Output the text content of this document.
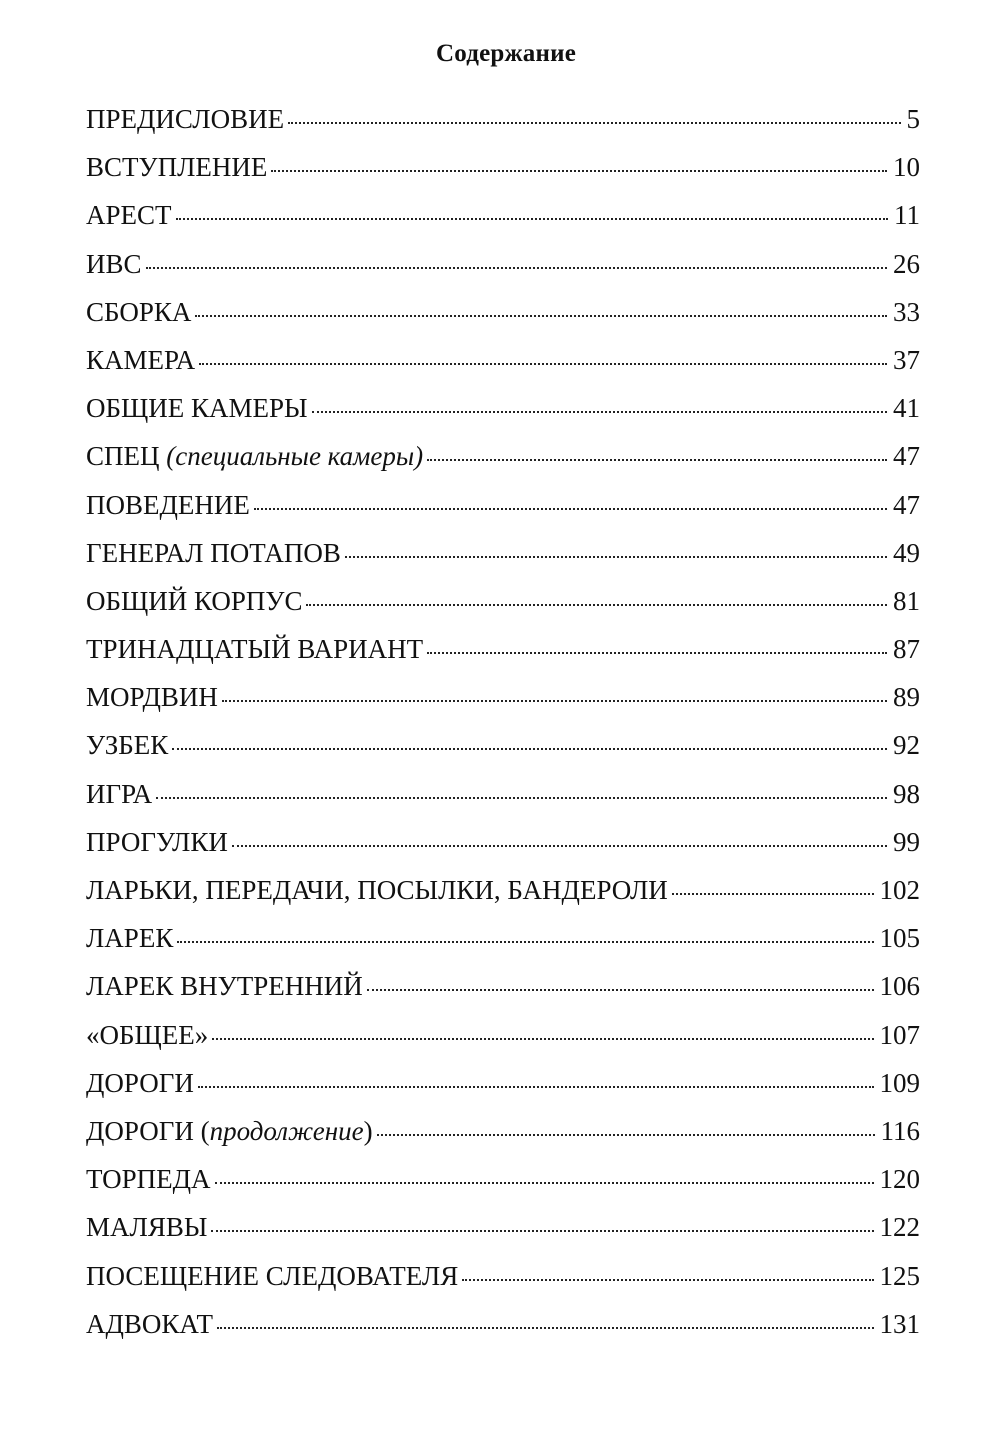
Содержание
ПРЕДИСЛОВИЕ	5
ВСТУПЛЕНИЕ	10
АРЕСТ	11
ИВС	26
СБОРКА	33
КАМЕРА	37
ОБЩИЕ КАМЕРЫ	41
СПЕЦ (специальные камеры)	47
ПОВЕДЕНИЕ	47
ГЕНЕРАЛ ПОТАПОВ	49
ОБЩИЙ КОРПУС	81
ТРИНАДЦАТЫЙ ВАРИАНТ	87
МОРДВИН	89
УЗБЕК	92
ИГРА	98
ПРОГУЛКИ	99
ЛАРЬКИ, ПЕРЕДАЧИ, ПОСЫЛКИ, БАНДЕРОЛИ	102
ЛАРЕК	105
ЛАРЕК ВНУТРЕННИЙ	106
«ОБЩЕЕ»	107
ДОРОГИ	109
ДОРОГИ (продолжение)	116
ТОРПЕДА	120
МАЛЯВЫ	122
ПОСЕЩЕНИЕ СЛЕДОВАТЕЛЯ	125
АДВОКАТ	131
